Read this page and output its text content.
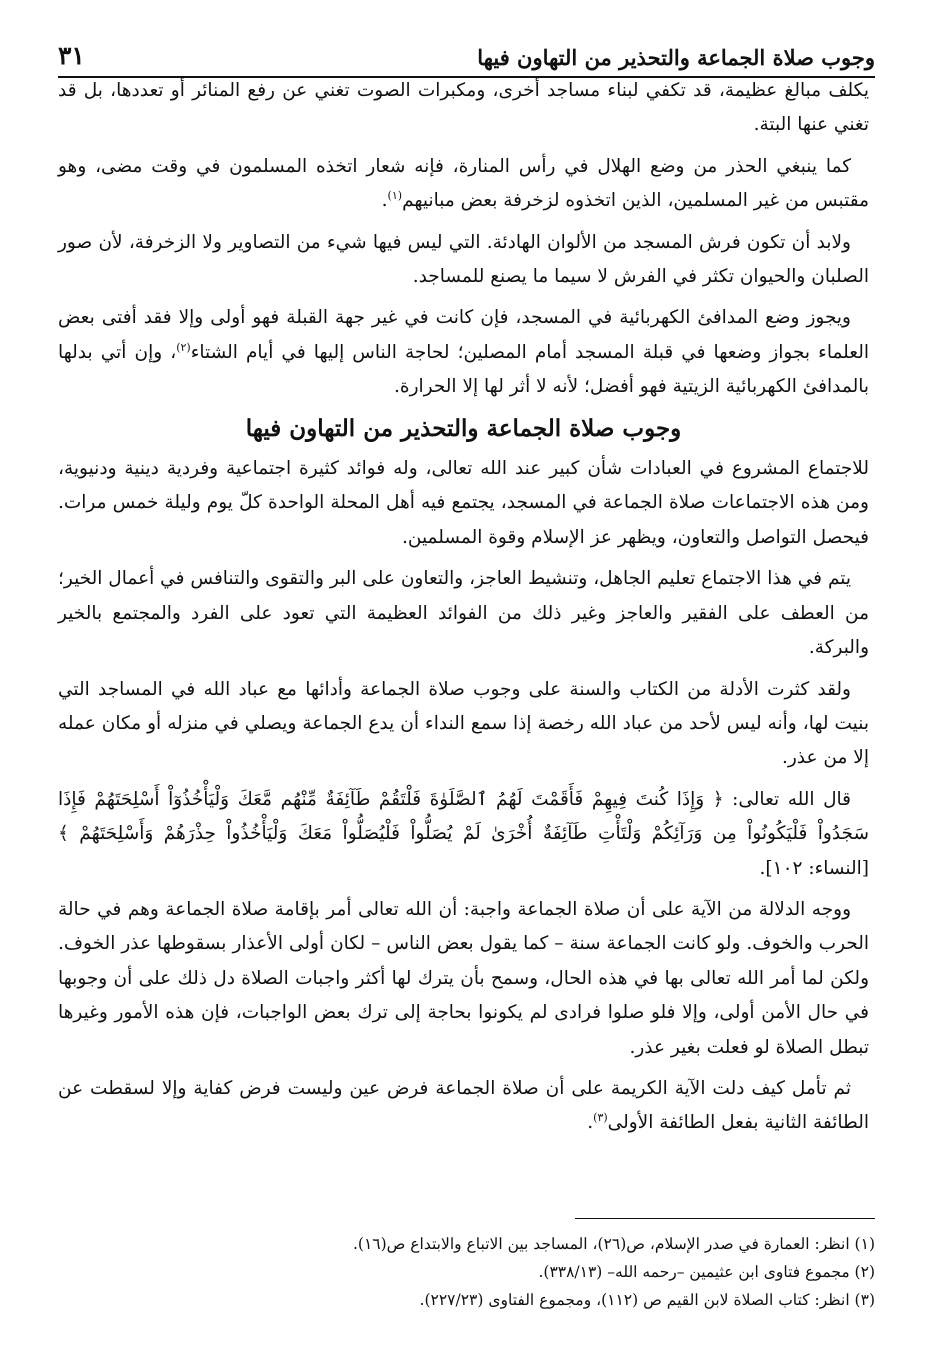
وجوب صلاة الجماعة والتحذير من التهاون فيها
٣١

يكلف مبالغ عظيمة، قد تكفي لبناء مساجد أخرى، ومكبرات الصوت تغني عن رفع المنائر أو تعددها، بل قد تغني عنها البتة.

كما ينبغي الحذر من وضع الهلال في رأس المنارة، فإنه شعار اتخذه المسلمون في وقت مضى، وهو مقتبس من غير المسلمين، الذين اتخذوه لزخرفة بعض مبانيهم$^{(١)}$.

ولابد أن تكون فرش المسجد من الألوان الهادئة. التي ليس فيها شيء من التصاوير ولا الزخرفة، لأن صور الصلبان والحيوان تكثر في الفرش لا سيما ما يصنع للمساجد.

ويجوز وضع المدافئ الكهربائية في المسجد، فإن كانت في غير جهة القبلة فهو أولى وإلا فقد أفتى بعض العلماء بجواز وضعها في قبلة المسجد أمام المصلين؛ لحاجة الناس إليها في أيام الشتاء$^{(٢)}$، وإن أتي بدلها بالمدافئ الكهربائية الزيتية فهو أفضل؛ لأنه لا أثر لها إلا الحرارة.

وجوب صلاة الجماعة والتحذير من التهاون فيها

للاجتماع المشروع في العبادات شأن كبير عند الله تعالى، وله فوائد كثيرة اجتماعية وفردية دينية ودنيوية، ومن هذه الاجتماعات صلاة الجماعة في المسجد، يجتمع فيه أهل المحلة الواحدة كلّ يوم وليلة خمس مرات. فيحصل التواصل والتعاون، ويظهر عز الإسلام وقوة المسلمين.

يتم في هذا الاجتماع تعليم الجاهل، وتنشيط العاجز، والتعاون على البر والتقوى والتنافس في أعمال الخير؛ من العطف على الفقير والعاجز وغير ذلك من الفوائد العظيمة التي تعود على الفرد والمجتمع بالخير والبركة.

ولقد كثرت الأدلة من الكتاب والسنة على وجوب صلاة الجماعة وأدائها مع عباد الله في المساجد التي بنيت لها، وأنه ليس لأحد من عباد الله رخصة إذا سمع النداء أن يدع الجماعة ويصلي في منزله أو مكان عمله إلا من عذر.

قال الله تعالى: ﴿ وَإِذَا كُنتَ فِيهِمْ فَأَقَمْتَ لَهُمُ ٱلصَّلَوٰةَ فَلْتَقُمْ طَآئِفَةٌ مِّنْهُم مَّعَكَ وَلْيَأْخُذُوٓاْ أَسْلِحَتَهُمْ فَإِذَا سَجَدُواْ فَلْيَكُونُواْ مِن وَرَآئِكُمْ وَلْتَأْتِ طَآئِفَةٌ أُخْرَىٰ لَمْ يُصَلُّواْ فَلْيُصَلُّواْ مَعَكَ وَلْيَأْخُذُواْ حِذْرَهُمْ وَأَسْلِحَتَهُمْ ﴾ [النساء: ١٠٢].

ووجه الدلالة من الآية على أن صلاة الجماعة واجبة: أن الله تعالى أمر بإقامة صلاة الجماعة وهم في حالة الحرب والخوف. ولو كانت الجماعة سنة – كما يقول بعض الناس – لكان أولى الأعذار بسقوطها عذر الخوف. ولكن لما أمر الله تعالى بها في هذه الحال، وسمح بأن يترك لها أكثر واجبات الصلاة دل ذلك على أن وجوبها في حال الأمن أولى، وإلا فلو صلوا فرادى لم يكونوا بحاجة إلى ترك بعض الواجبات، فإن هذه الأمور وغيرها تبطل الصلاة لو فعلت بغير عذر.

ثم تأمل كيف دلت الآية الكريمة على أن صلاة الجماعة فرض عين وليست فرض كفاية وإلا لسقطت عن الطائفة الثانية بفعل الطائفة الأولى$^{(٣)}$.

(١) انظر: العمارة في صدر الإسلام، ص(٢٦)، المساجد بين الاتباع والابتداع ص(١٦).
(٢) مجموع فتاوى ابن عثيمين –رحمه الله– (٣٣٨/١٣).
(٣) انظر: كتاب الصلاة لابن القيم ص (١١٢)، ومجموع الفتاوى (٢٢٧/٢٣).
